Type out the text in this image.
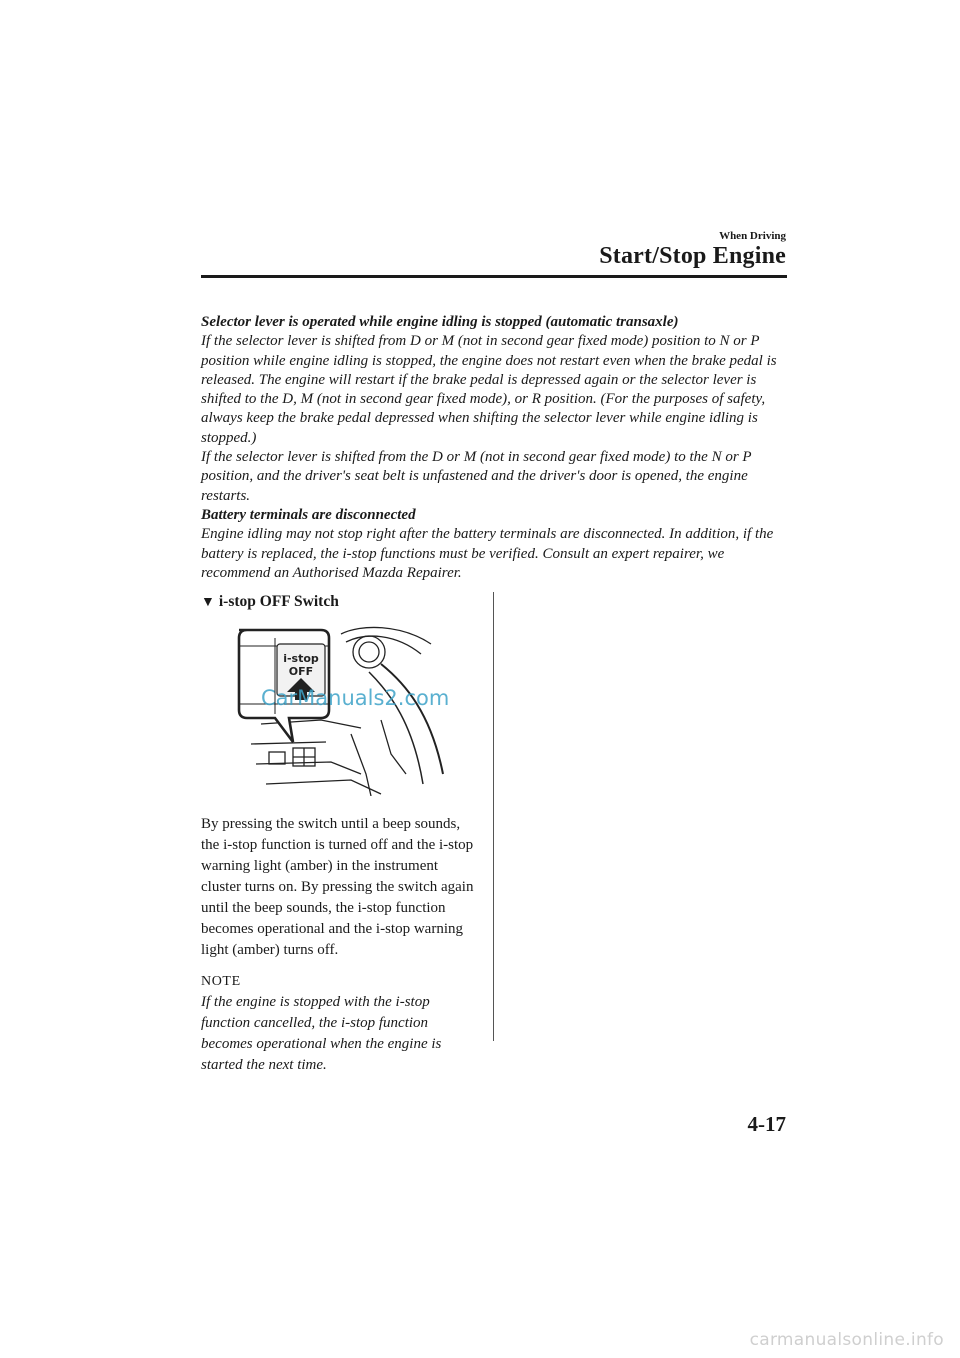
When Driving
Start/Stop Engine
Selector lever is operated while engine idling is stopped (automatic transaxle)
If the selector lever is shifted from D or M (not in second gear fixed mode) position to N or P position while engine idling is stopped, the engine does not restart even when the brake pedal is released. The engine will restart if the brake pedal is depressed again or the selector lever is shifted to the D, M (not in second gear fixed mode), or R position. (For the purposes of safety, always keep the brake pedal depressed when shifting the selector lever while engine idling is stopped.)
If the selector lever is shifted from the D or M (not in second gear fixed mode) to the N or P position, and the driver's seat belt is unfastened and the driver's door is opened, the engine restarts.
Battery terminals are disconnected
Engine idling may not stop right after the battery terminals are disconnected. In addition, if the battery is replaced, the i-stop functions must be verified. Consult an expert repairer, we recommend an Authorised Mazda Repairer.
▼ i-stop OFF Switch
i-stop
OFF
CarManuals2.com

By pressing the switch until a beep sounds, the i-stop function is turned off and the i-stop warning light (amber) in the instrument cluster turns on. By pressing the switch again until the beep sounds, the i-stop function becomes operational and the i-stop warning light (amber) turns off.

NOTE

If the engine is stopped with the i-stop function cancelled, the i-stop function becomes operational when the engine is started the next time.

4-17
carmanualsonline.info
